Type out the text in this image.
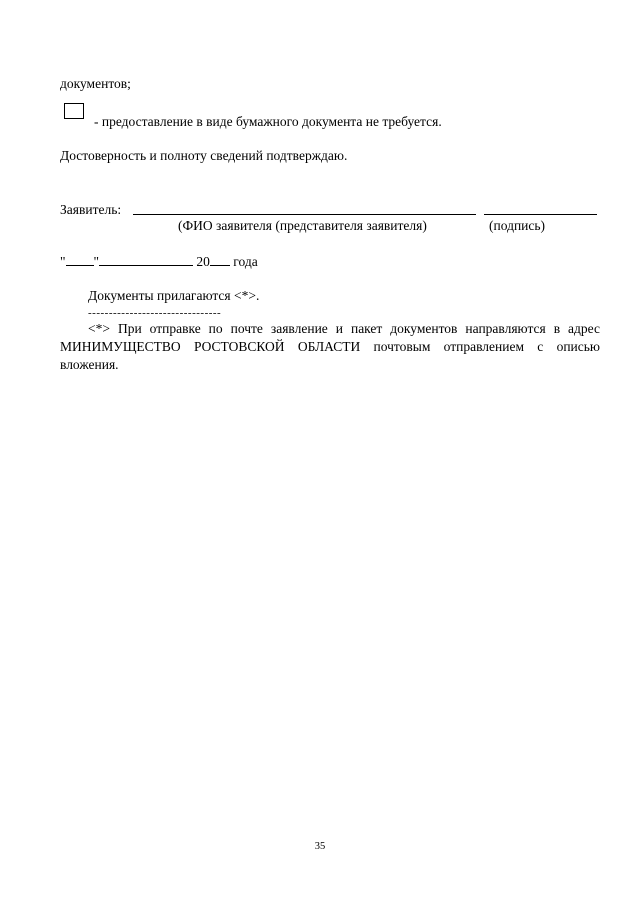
документов;
- предоставление в виде бумажного документа не требуется.
Достоверность и полноту сведений подтверждаю.
Заявитель:
(ФИО заявителя (представителя заявителя)	(подпись)
" "	20 года
Документы прилагаются <*>.
--------------------------------
<*> При отправке по почте заявление и пакет документов направляются в адрес МИНИМУЩЕСТВО РОСТОВСКОЙ ОБЛАСТИ почтовым отправлением с описью вложения.
35
